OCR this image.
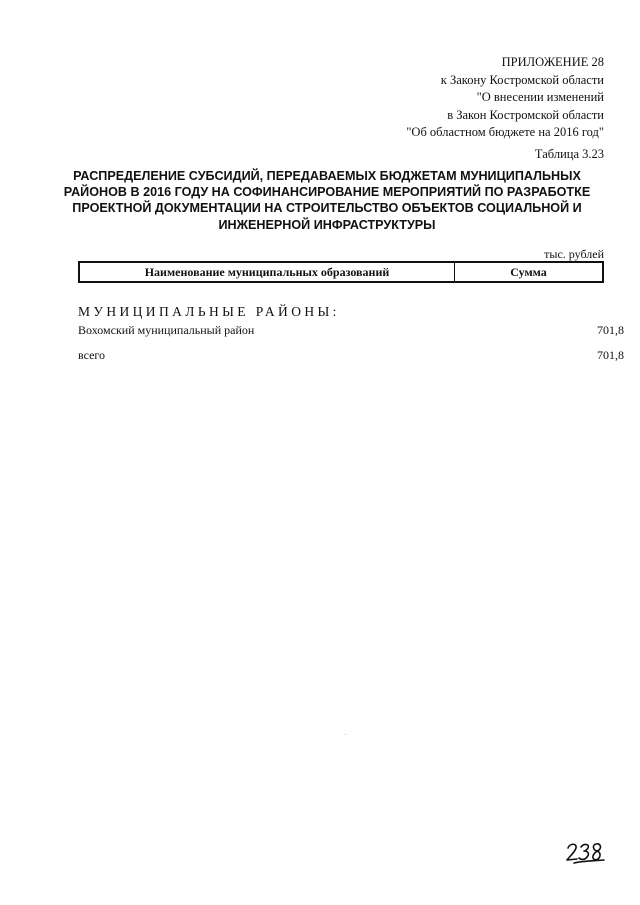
ПРИЛОЖЕНИЕ 28
к Закону Костромской области
"О внесении изменений
в Закон Костромской области
"Об областном бюджете на 2016 год"
Таблица 3.23
РАСПРЕДЕЛЕНИЕ СУБСИДИЙ, ПЕРЕДАВАЕМЫХ БЮДЖЕТАМ МУНИЦИПАЛЬНЫХ
РАЙОНОВ В 2016 ГОДУ НА СОФИНАНСИРОВАНИЕ МЕРОПРИЯТИЙ ПО РАЗРАБОТКЕ
ПРОЕКТНОЙ ДОКУМЕНТАЦИИ НА СТРОИТЕЛЬСТВО ОБЪЕКТОВ СОЦИАЛЬНОЙ И
ИНЖЕНЕРНОЙ ИНФРАСТРУКТУРЫ
тыс. рублей
Наименование муниципальных образований	Сумма
МУНИЦИПАЛЬНЫЕ РАЙОНЫ:
Вохомский муниципальный район	701,8
всего	701,8
